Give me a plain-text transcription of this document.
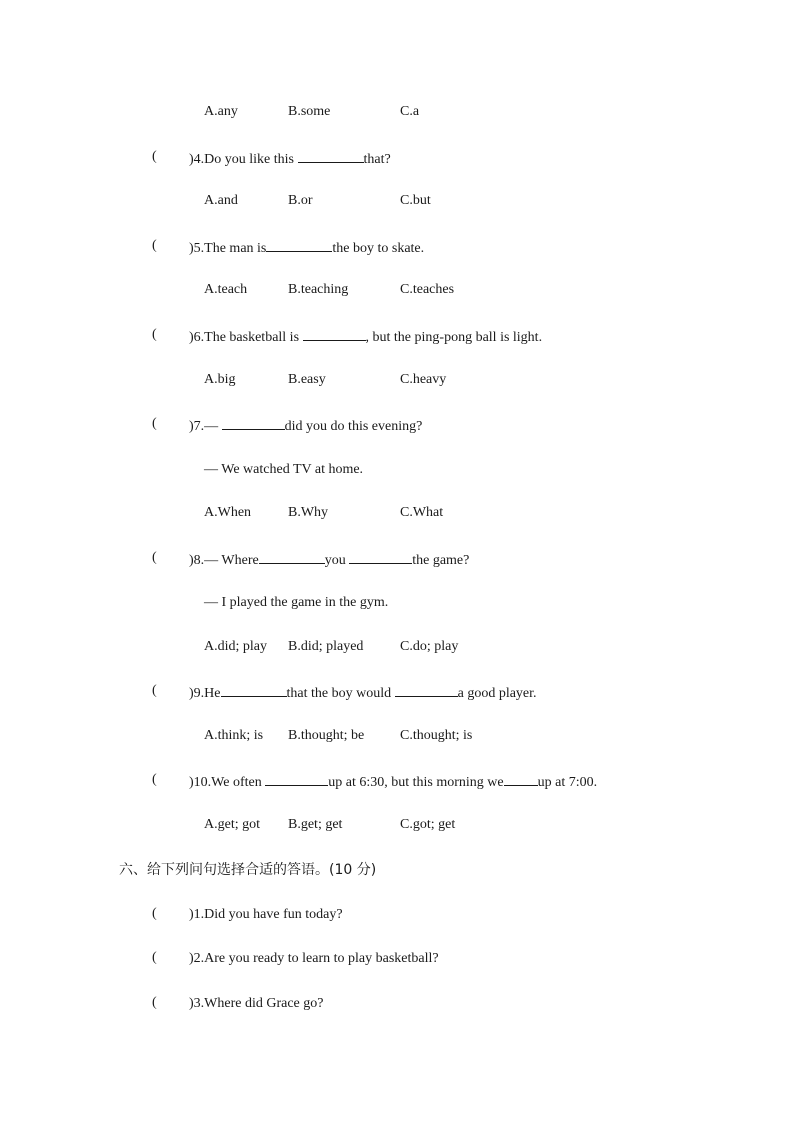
A.any	B.some	C.a
( )4.Do you like this	that?
A.and	B.or	C.but
( )5.The man is	the boy to skate.
A.teach	B.teaching	C.teaches
( )6.The basketball is	, but the ping-pong ball is light.
A.big	B.easy	C.heavy
( )7.—	did you do this evening?
— We watched TV at home.
A.When	B.Why	C.What
( )8.— Where	you	the game?
— I played the game in the gym.
A.did; play B.did; played	C.do; play
( )9.He	that the boy would	a good player.
A.think; is B.thought; be	C.thought; is
( )10.We often	up at 6:30, but this morning we up at 7:00.
A.get; got B.get; get	C.got; get
六、给下列问句选择合适的答语。(10 分)
( )1.Did you have fun today?
( )2.Are you ready to learn to play basketball?
( )3.Where did Grace go?
